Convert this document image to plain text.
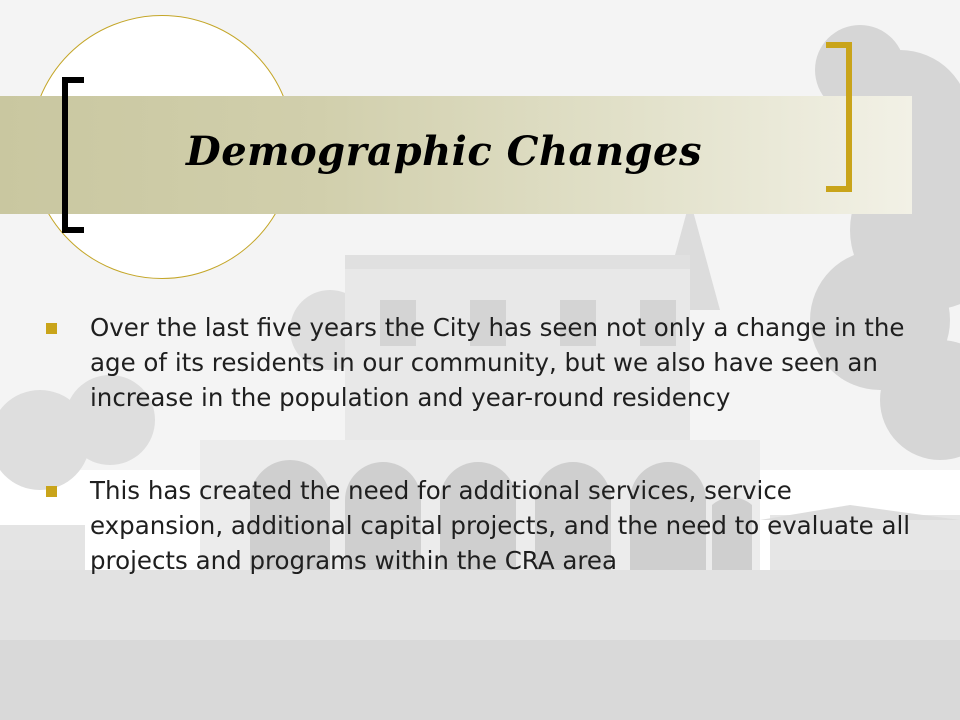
Demographic Changes
Over the last five years the City has seen not only a change in the age of its residents in our community, but we also have seen an increase in the population and year-round residency
This has created the need for additional services, service expansion, additional capital projects, and the need to evaluate all projects and programs within the CRA area
